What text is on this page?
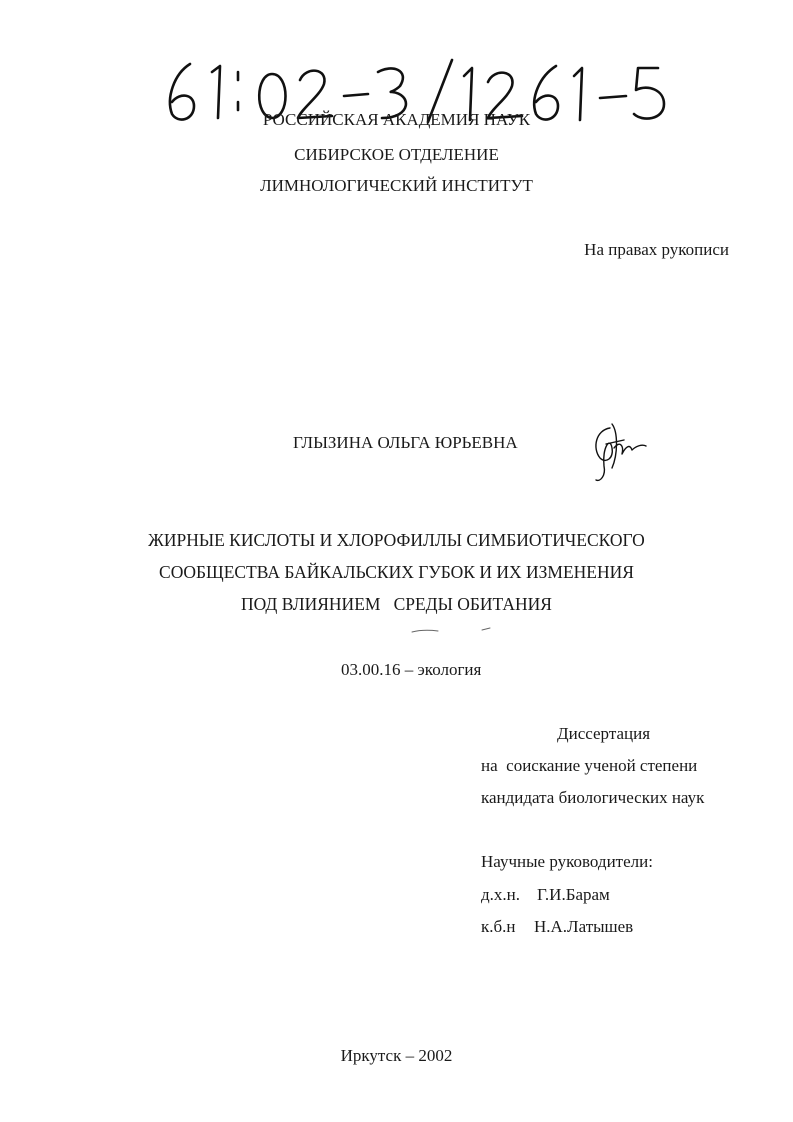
РОССИЙСКАЯ АКАДЕМИЯ НАУК
СИБИРСКОЕ ОТДЕЛЕНИЕ
ЛИМНОЛОГИЧЕСКИЙ ИНСТИТУТ
На правах рукописи
ГЛЫЗИНА ОЛЬГА ЮРЬЕВНА
ЖИРНЫЕ КИСЛОТЫ И ХЛОРОФИЛЛЫ СИМБИОТИЧЕСКОГО
СООБЩЕСТВА БАЙКАЛЬСКИХ ГУБОК И ИХ ИЗМЕНЕНИЯ
ПОД ВЛИЯНИЕМ   СРЕДЫ ОБИТАНИЯ
03.00.16 – экология
Диссертация
на  соискание ученой степени
кандидата биологических наук
Научные руководители:
д.х.н. Г.И.Барам
к.б.н Н.А.Латышев
Иркутск – 2002
